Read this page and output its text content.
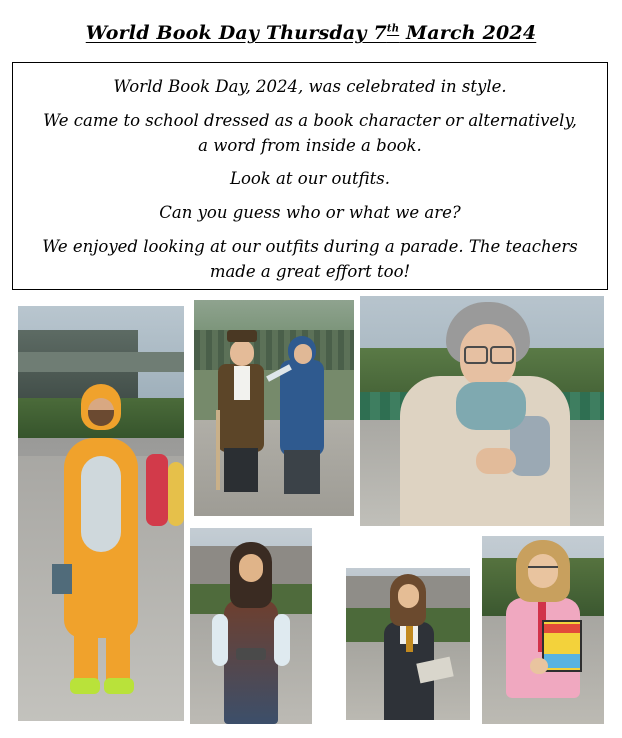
World Book Day Thursday 7th March 2024

World Book Day, 2024, was celebrated in style.

We came to school dressed as a book character or alternatively, a word from inside a book.

Look at our outfits.

Can you guess who or what we are?

We enjoyed looking at our outfits during a parade. The teachers made a great effort too!
